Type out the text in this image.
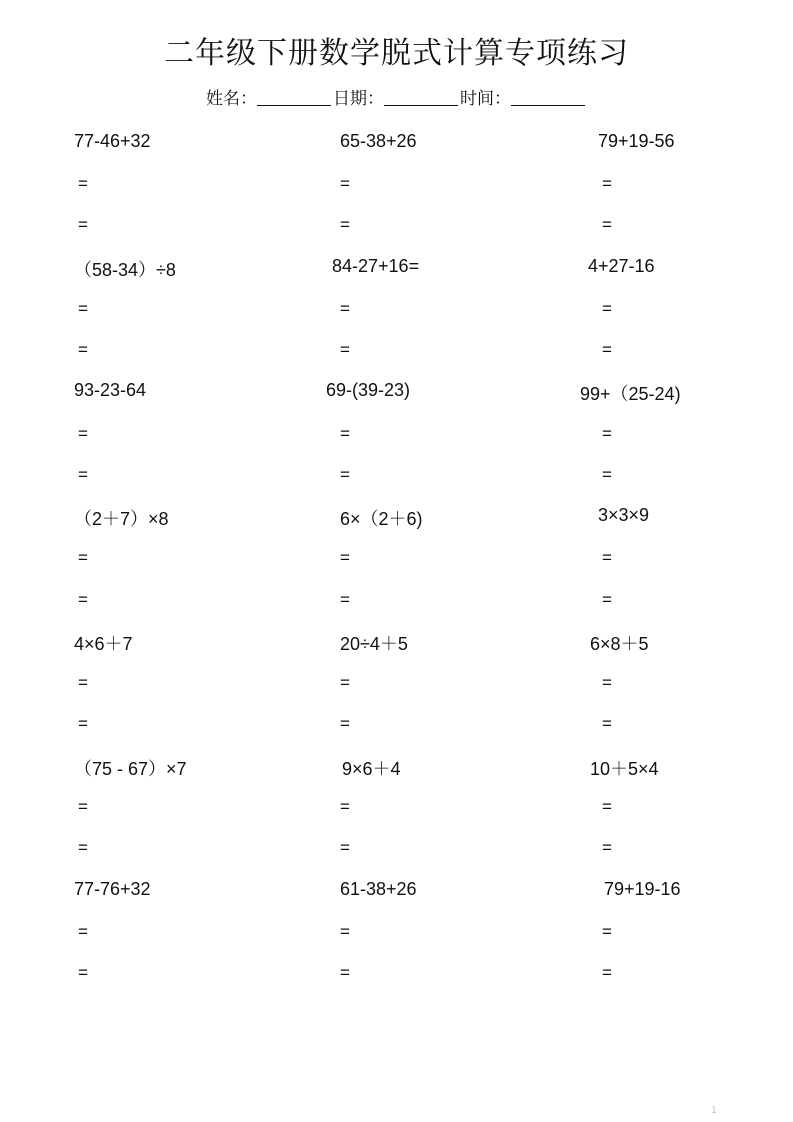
二年级下册数学脱式计算专项练习
姓名：	日期：	时间：
77-46+32	65-38+26	79+19-56
=	=	=
=	=	=
（58-34）÷8	84-27+16=	4+27-16
=	=	=
=	=	=
93-23-64	69-(39-23)	99+（25-24)
=	=	=
=	=	=
（2＋7）×8	6×（2＋6)	3×3×9
=	=	=
=	=	=
4×6＋7	20÷4＋5	6×8＋5
=	=	=
=	=	=
（75 - 67）×7	9×6＋4	10＋5×4
=	=	=
=	=	=
77-76+32	61-38+26	79+19-16
=	=	=
=	=	=
1
